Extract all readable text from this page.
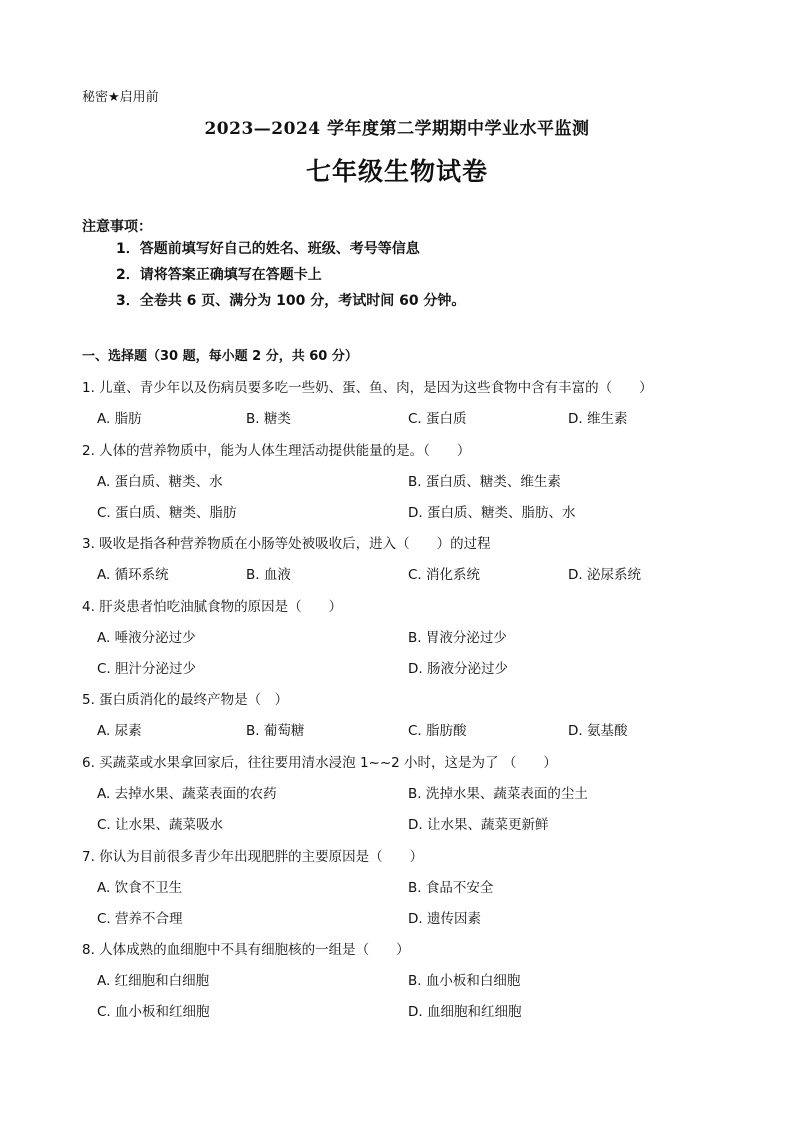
秘密★启用前
2023—2024 学年度第二学期期中学业水平监测
七年级生物试卷
注意事项：
1．答题前填写好自己的姓名、班级、考号等信息
2．请将答案正确填写在答题卡上
3．全卷共 6 页、满分为 100 分，考试时间 60 分钟。
一、选择题（30 题，每小题 2 分，共 60 分）
1. 儿童、青少年以及伤病员要多吃一些奶、蛋、鱼、肉，是因为这些食物中含有丰富的（　　）
A. 脂肪	B. 糖类	C. 蛋白质	D. 维生素
2. 人体的营养物质中，能为人体生理活动提供能量的是。（　　）
A. 蛋白质、糖类、水	B. 蛋白质、糖类、维生素
C. 蛋白质、糖类、脂肪	D. 蛋白质、糖类、脂肪、水
3. 吸收是指各种营养物质在小肠等处被吸收后，进入（　　）的过程
A. 循环系统	B. 血液	C. 消化系统	D. 泌尿系统
4. 肝炎患者怕吃油腻食物的原因是（　　）
A. 唾液分泌过少	B. 胃液分泌过少
C. 胆汁分泌过少	D. 肠液分泌过少
5. 蛋白质消化的最终产物是（　）
A. 尿素	B. 葡萄糖	C. 脂肪酸	D. 氨基酸
6. 买蔬菜或水果拿回家后，往往要用清水浸泡 1~~2 小时，这是为了 （　　）
A. 去掉水果、蔬菜表面的农药	B. 洗掉水果、蔬菜表面的尘土
C. 让水果、蔬菜吸水	D. 让水果、蔬菜更新鲜
7. 你认为目前很多青少年出现肥胖的主要原因是（　　）
A. 饮食不卫生	B. 食品不安全
C. 营养不合理	D. 遗传因素
8. 人体成熟的血细胞中不具有细胞核的一组是（　　）
A. 红细胞和白细胞	B. 血小板和白细胞
C. 血小板和红细胞	D. 血细胞和红细胞
